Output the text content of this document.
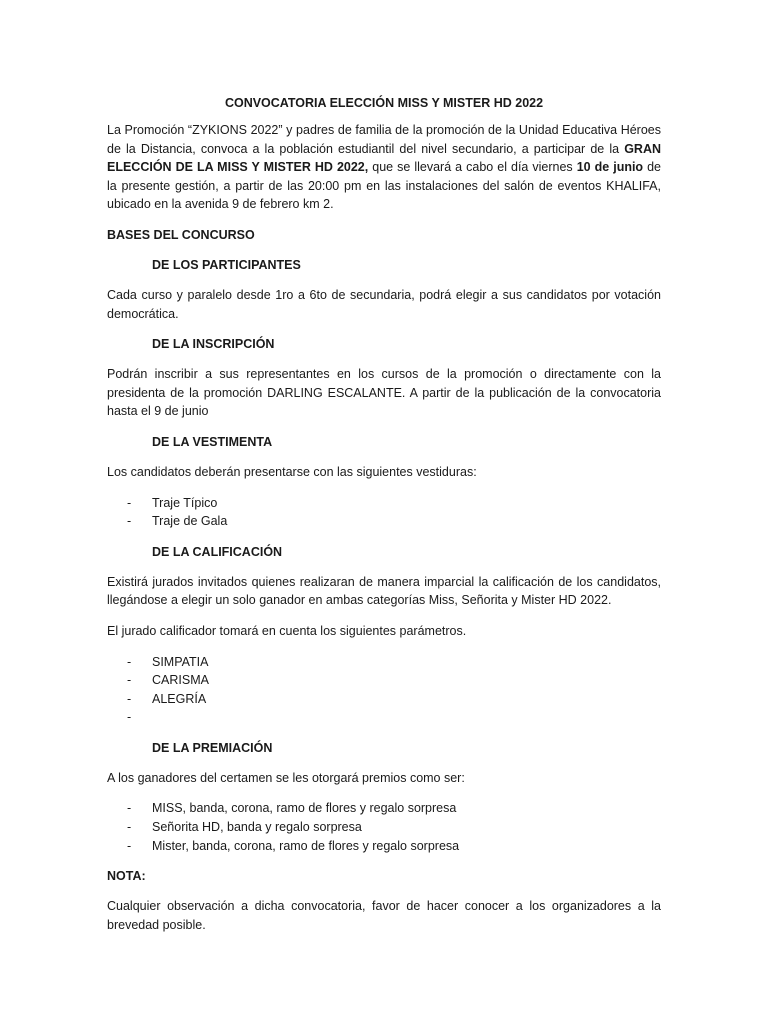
CONVOCATORIA ELECCIÓN MISS Y MISTER HD 2022

La Promoción “ZYKIONS 2022” y padres de familia de la promoción de la Unidad Educativa Héroes de la Distancia, convoca a la población estudiantil del nivel secundario, a participar de la GRAN ELECCIÓN DE LA MISS Y MISTER HD 2022, que se llevará a cabo el día viernes 10 de junio de la presente gestión, a partir de las 20:00 pm en las instalaciones del salón de eventos KHALIFA, ubicado en la avenida 9 de febrero km 2.

BASES DEL CONCURSO

DE LOS PARTICIPANTES

Cada curso y paralelo desde 1ro a 6to de secundaria, podrá elegir a sus candidatos por votación democrática.

DE LA INSCRIPCIÓN

Podrán inscribir a sus representantes en los cursos de la promoción o directamente con la presidenta de la promoción DARLING ESCALANTE. A partir de la publicación de la convocatoria hasta el 9 de junio

DE LA VESTIMENTA

Los candidatos deberán presentarse con las siguientes vestiduras:

- Traje Típico
- Traje de Gala

DE LA CALIFICACIÓN

Existirá jurados invitados quienes realizaran de manera imparcial la calificación de los candidatos, llegándose a elegir un solo ganador en ambas categorías Miss, Señorita y Mister HD 2022.

El jurado calificador tomará en cuenta los siguientes parámetros.

- SIMPATIA
- CARISMA
- ALEGRÍA
-

DE LA PREMIACIÓN

A los ganadores del certamen se les otorgará premios como ser:

- MISS, banda, corona, ramo de flores y regalo sorpresa
- Señorita HD, banda y regalo sorpresa
- Mister, banda, corona, ramo de flores y regalo sorpresa

NOTA:

Cualquier observación a dicha convocatoria, favor de hacer conocer a los organizadores a la brevedad posible.
